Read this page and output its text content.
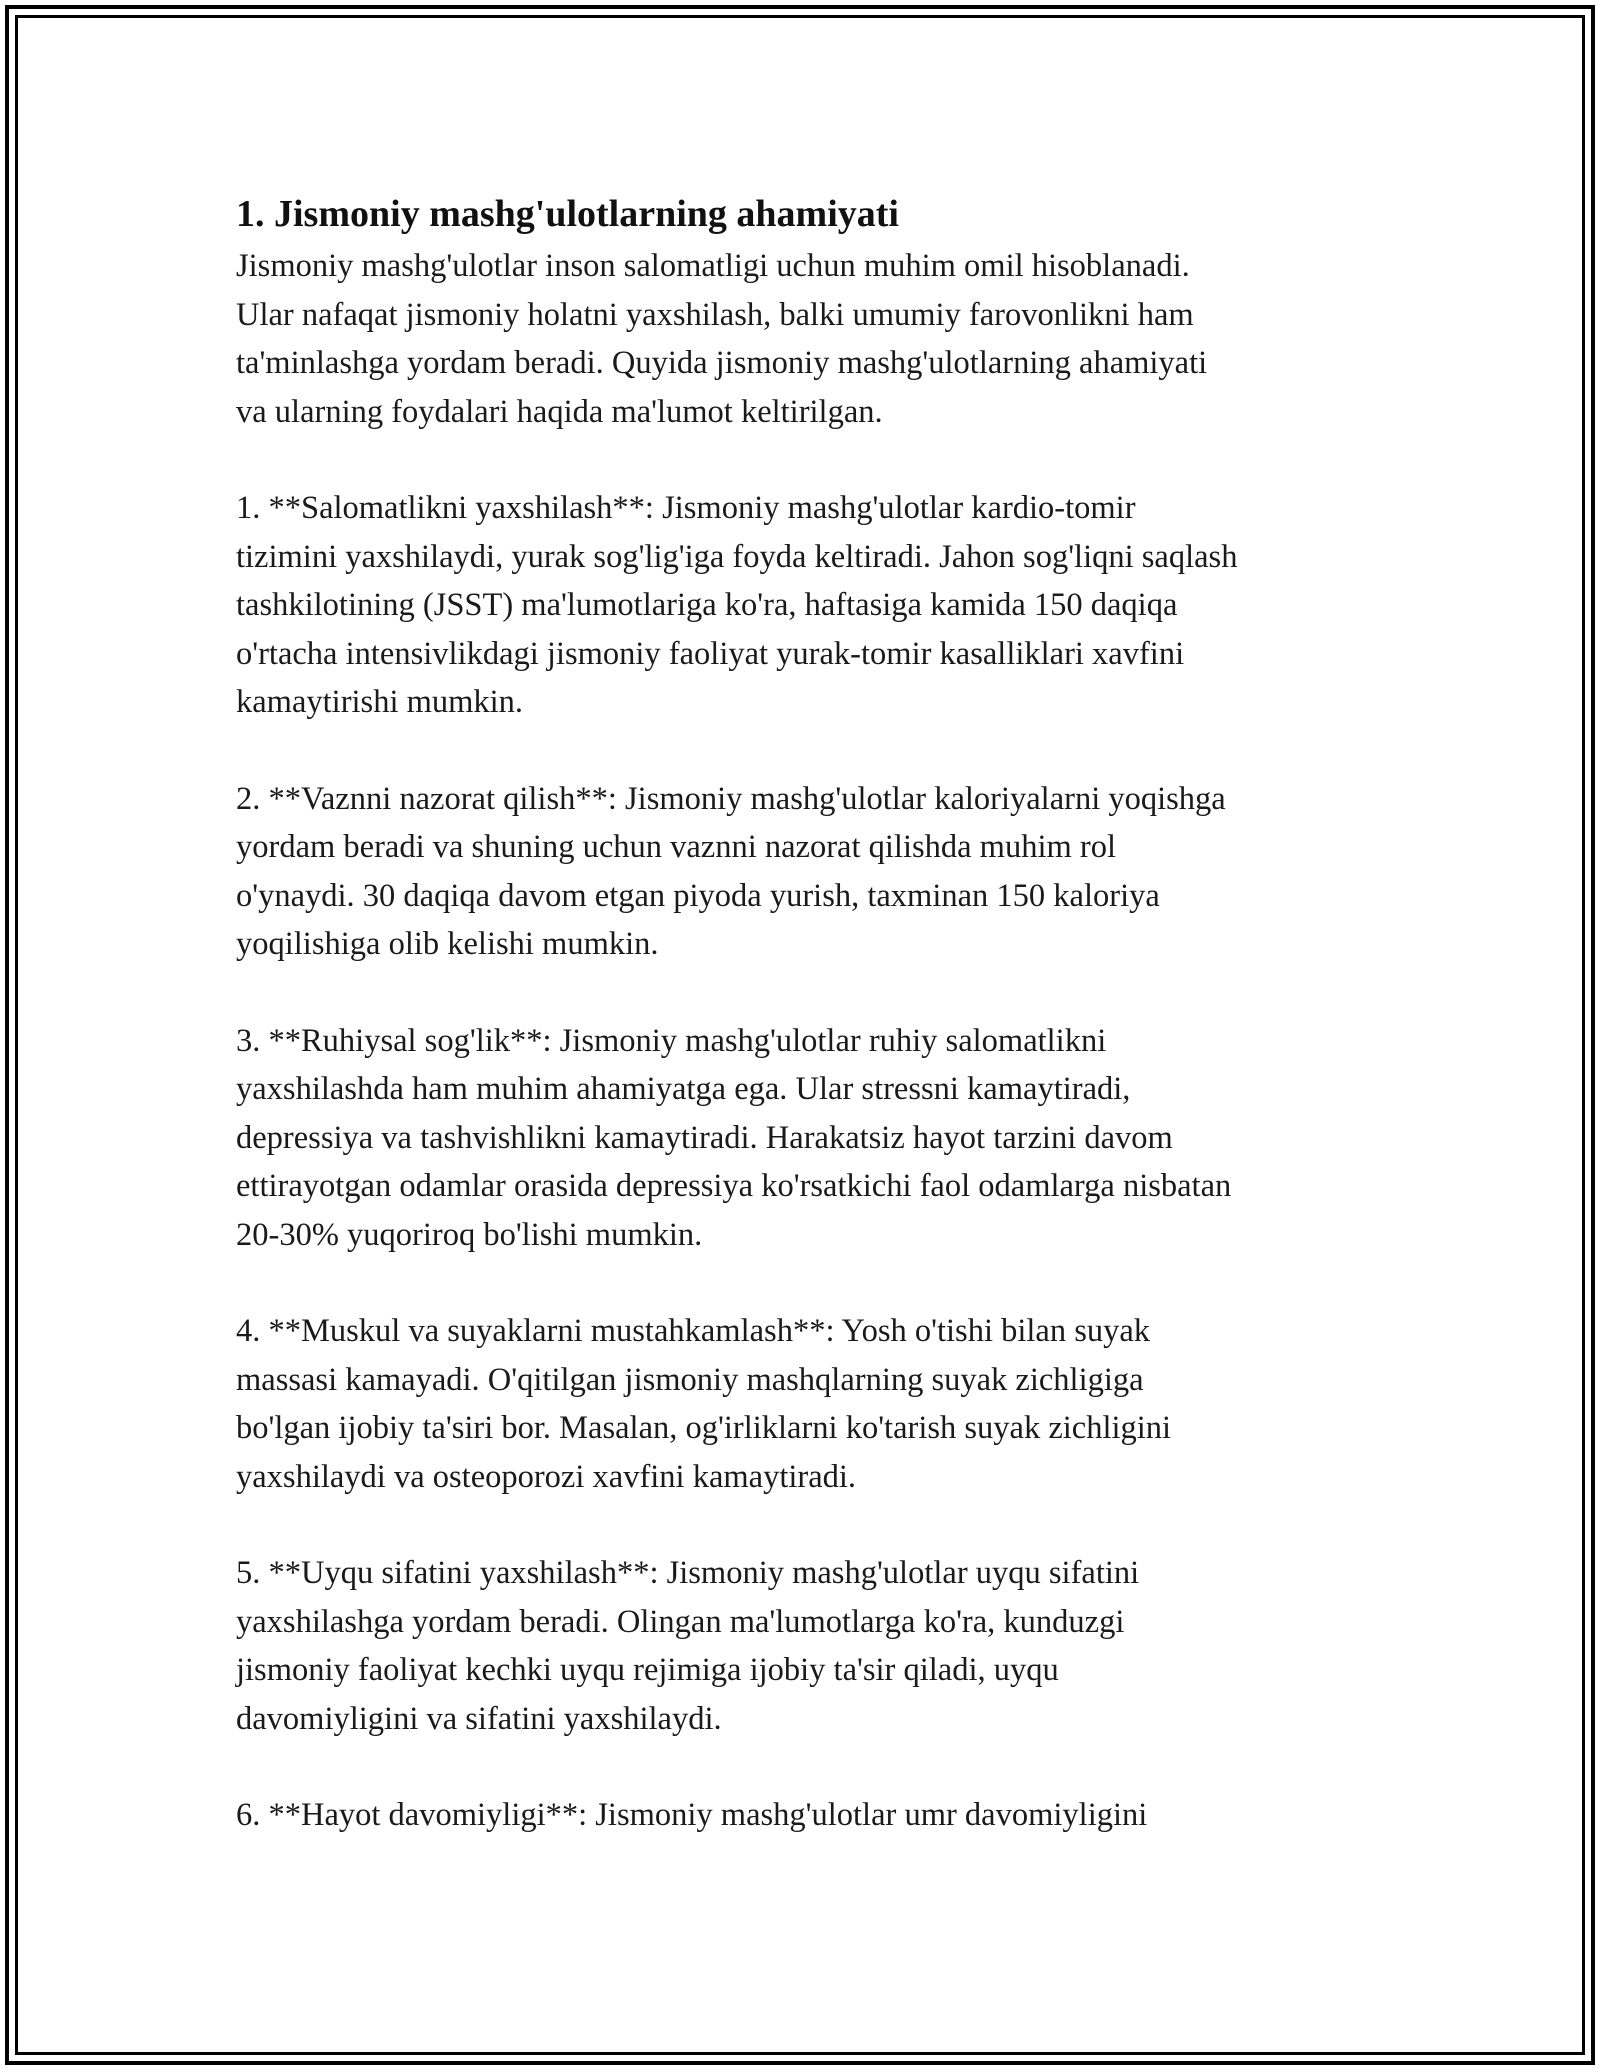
1. Jismoniy mashg'ulotlarning ahamiyati

Jismoniy mashg'ulotlar inson salomatligi uchun muhim omil hisoblanadi.
Ular nafaqat jismoniy holatni yaxshilash, balki umumiy farovonlikni ham
ta'minlashga yordam beradi. Quyida jismoniy mashg'ulotlarning ahamiyati
va ularning foydalari haqida ma'lumot keltirilgan.

1. **Salomatlikni yaxshilash**: Jismoniy mashg'ulotlar kardio-tomir
tizimini yaxshilaydi, yurak sog'lig'iga foyda keltiradi. Jahon sog'liqni saqlash
tashkilotining (JSST) ma'lumotlariga ko'ra, haftasiga kamida 150 daqiqa
o'rtacha intensivlikdagi jismoniy faoliyat yurak-tomir kasalliklari xavfini
kamaytirishi mumkin.

2. **Vaznni nazorat qilish**: Jismoniy mashg'ulotlar kaloriyalarni yoqishga
yordam beradi va shuning uchun vaznni nazorat qilishda muhim rol
o'ynaydi. 30 daqiqa davom etgan piyoda yurish, taxminan 150 kaloriya
yoqilishiga olib kelishi mumkin.

3. **Ruhiysal sog'lik**: Jismoniy mashg'ulotlar ruhiy salomatlikni
yaxshilashda ham muhim ahamiyatga ega. Ular stressni kamaytiradi,
depressiya va tashvishlikni kamaytiradi. Harakatsiz hayot tarzini davom
ettirayotgan odamlar orasida depressiya ko'rsatkichi faol odamlarga nisbatan
20-30% yuqoriroq bo'lishi mumkin.

4. **Muskul va suyaklarni mustahkamlash**: Yosh o'tishi bilan suyak
massasi kamayadi. O'qitilgan jismoniy mashqlarning suyak zichligiga
bo'lgan ijobiy ta'siri bor. Masalan, og'irliklarni ko'tarish suyak zichligini
yaxshilaydi va osteoporozi xavfini kamaytiradi.

5. **Uyqu sifatini yaxshilash**: Jismoniy mashg'ulotlar uyqu sifatini
yaxshilashga yordam beradi. Olingan ma'lumotlarga ko'ra, kunduzgi
jismoniy faoliyat kechki uyqu rejimiga ijobiy ta'sir qiladi, uyqu
davomiyligini va sifatini yaxshilaydi.

6. **Hayot davomiyligi**: Jismoniy mashg'ulotlar umr davomiyligini
